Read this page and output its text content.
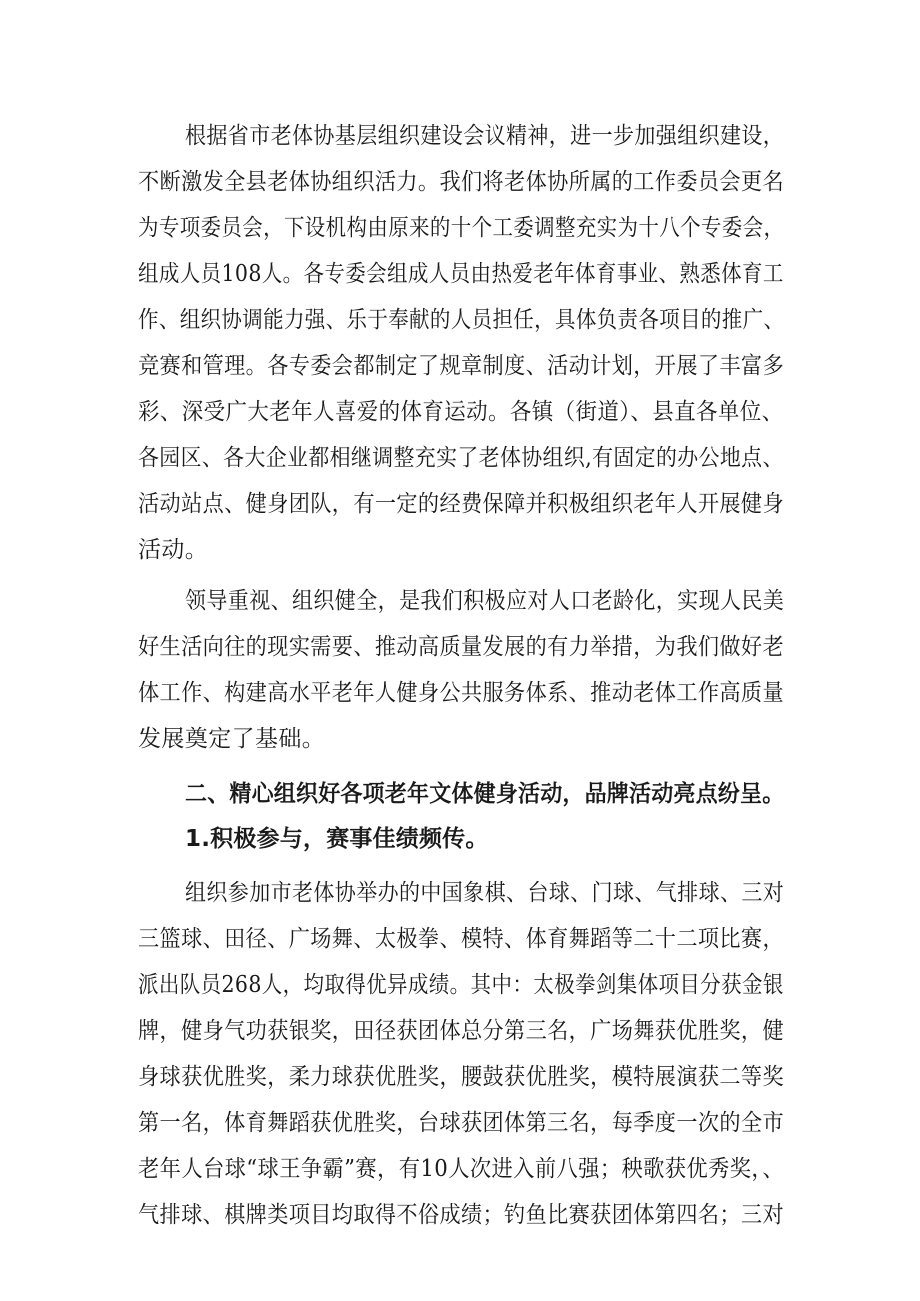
根据省市老体协基层组织建设会议精神，进一步加强组织建设，
不断激发全县老体协组织活力。我们将老体协所属的工作委员会更名
为专项委员会，下设机构由原来的十个工委调整充实为十八个专委会，
组成人员108人。各专委会组成人员由热爱老年体育事业、熟悉体育工
作、组织协调能力强、乐于奉献的人员担任，具体负责各项目的推广、
竞赛和管理。各专委会都制定了规章制度、活动计划，开展了丰富多
彩、深受广大老年人喜爱的体育运动。各镇（街道）、县直各单位、
各园区、各大企业都相继调整充实了老体协组织,有固定的办公地点、
活动站点、健身团队，有一定的经费保障并积极组织老年人开展健身
活动。
领导重视、组织健全，是我们积极应对人口老龄化，实现人民美
好生活向往的现实需要、推动高质量发展的有力举措，为我们做好老
体工作、构建高水平老年人健身公共服务体系、推动老体工作高质量
发展奠定了基础。
二、精心组织好各项老年文体健身活动，品牌活动亮点纷呈。
1.积极参与，赛事佳绩频传。
组织参加市老体协举办的中国象棋、台球、门球、气排球、三对
三篮球、田径、广场舞、太极拳、模特、体育舞蹈等二十二项比赛，
派出队员268人，均取得优异成绩。其中：太极拳剑集体项目分获金银
牌，健身气功获银奖，田径获团体总分第三名，广场舞获优胜奖，健
身球获优胜奖，柔力球获优胜奖，腰鼓获优胜奖，模特展演获二等奖
第一名，体育舞蹈获优胜奖，台球获团体第三名，每季度一次的全市
老年人台球“球王争霸”赛，有10人次进入前八强；秧歌获优秀奖，、
气排球、棋牌类项目均取得不俗成绩；钓鱼比赛获团体第四名；三对
